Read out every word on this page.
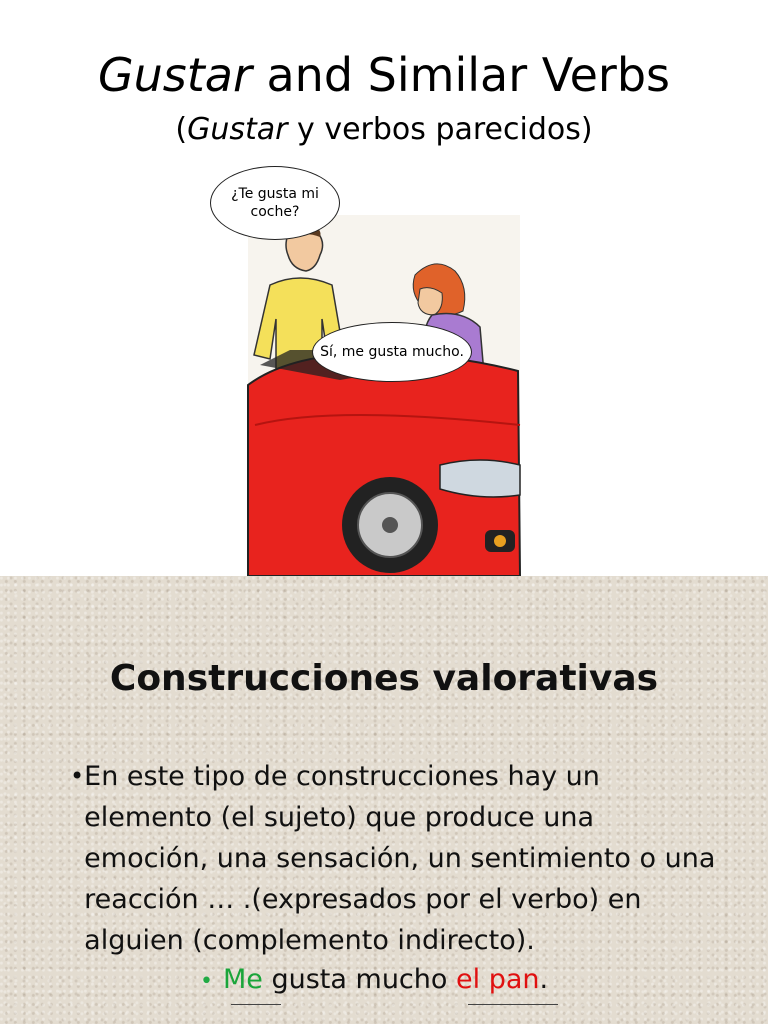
Gustar and Similar Verbs
(Gustar y verbos parecidos)
¿Te gusta mi coche?
Sí, me gusta mucho.
Construcciones valorativas
• En este tipo de construcciones hay un elemento (el sujeto) que produce una emoción, una sensación, un sentimiento o una reacción … .(expresados por el verbo) en alguien (complemento indirecto).

• Me gusta mucho el pan .
